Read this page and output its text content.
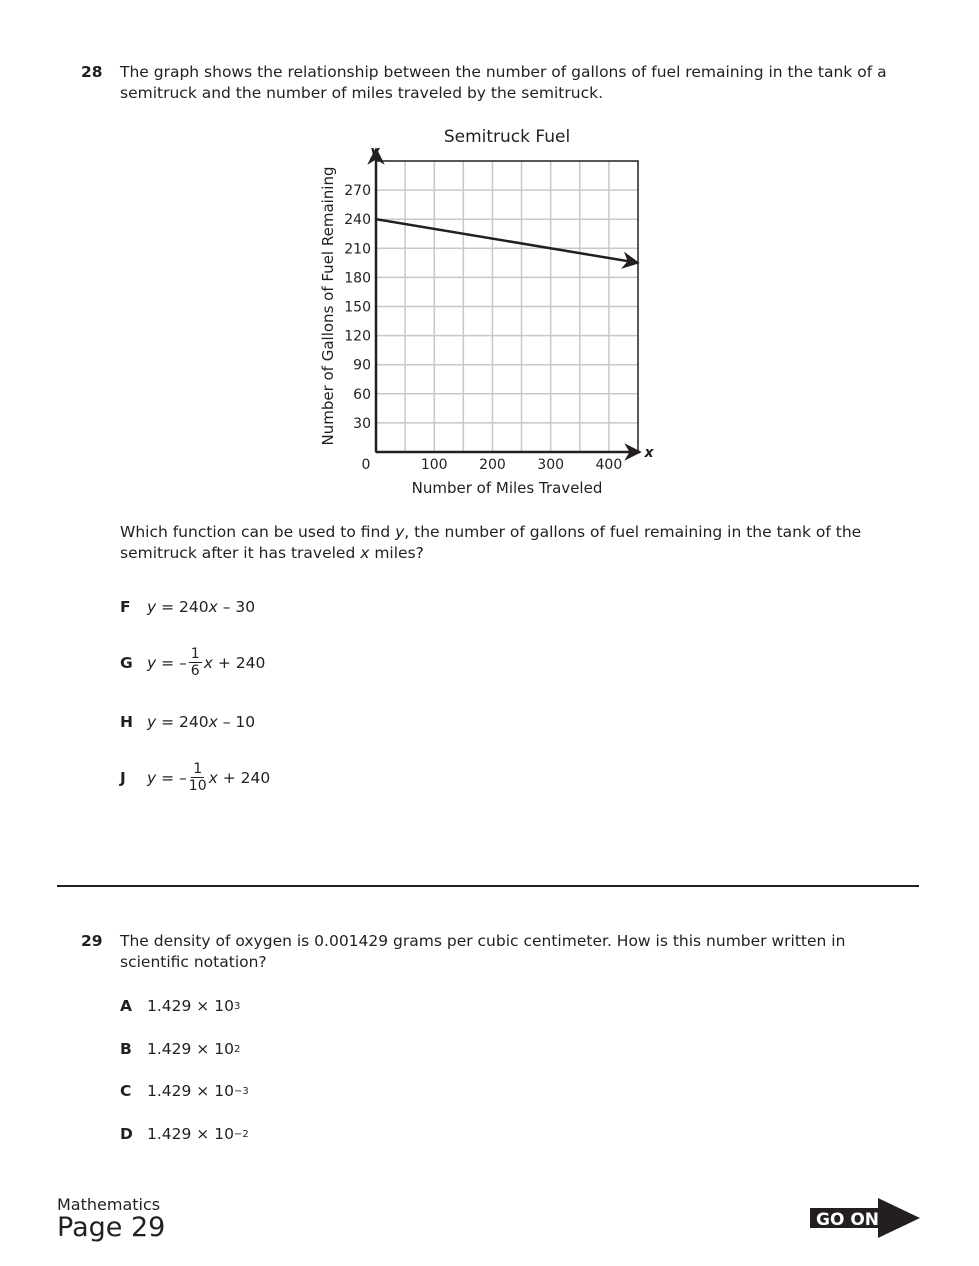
28 The graph shows the relationship between the number of gallons of fuel remaining in the tank of a semitruck and the number of miles traveled by the semitruck.
Semitruck Fuel
30
60
90
120
150
180
210
240
270
0	100 200 300 400
y
x
Number of Miles Traveled
Number of Gallons of Fuel Remaining
Which function can be used to find y, the number of gallons of fuel remaining in the tank of the semitruck after it has traveled x miles?
F	y = 240 x – 30
G y = – $\frac{1}{6}$ x + 240
H y = 240 x – 10
J	y = – $\frac{1}{10}$ x + 240
29 The density of oxygen is 0.001429 grams per cubic centimeter. How is this number written in scientific notation?
A 1.429 × 10 3
B 1.429 × 10 2
C	1.429 × 10 −3
D 1.429 × 10 −2
Mathematics
Page 29	GO ON
